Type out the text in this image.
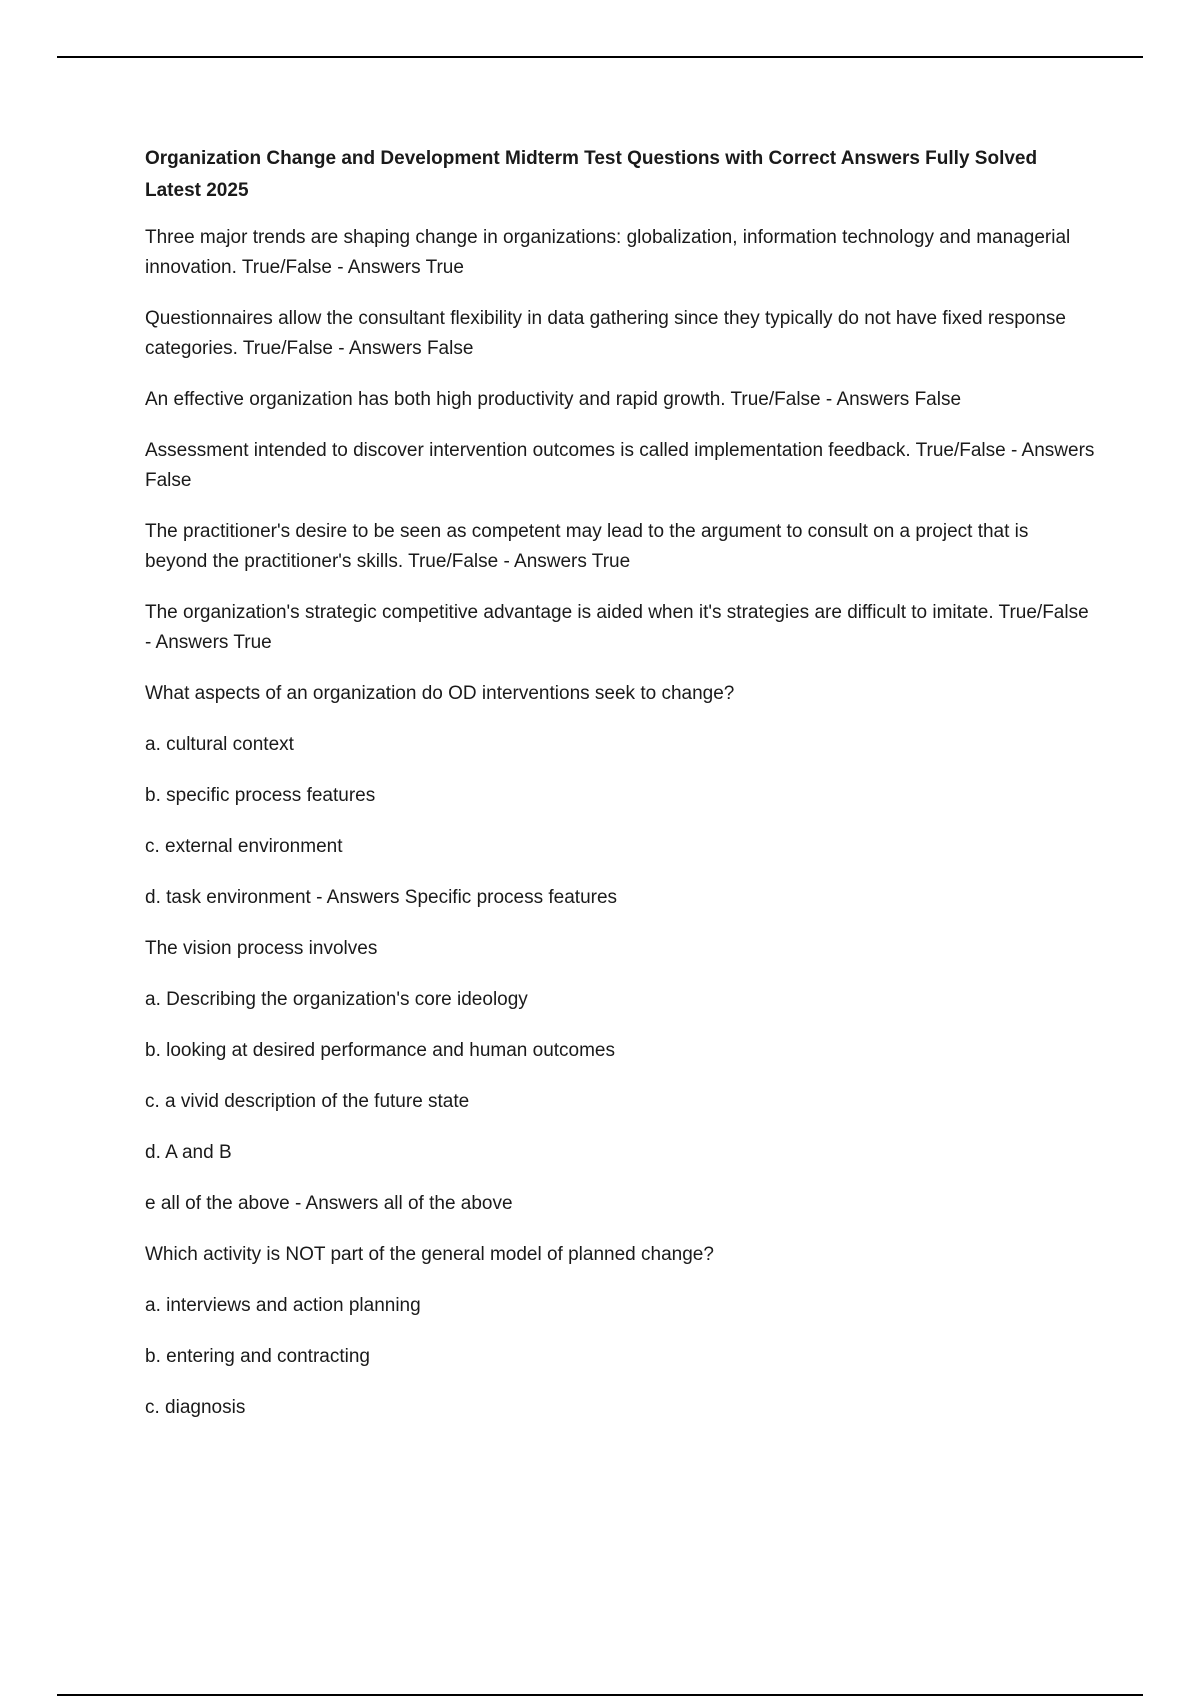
Organization Change and Development Midterm Test Questions with Correct Answers Fully Solved Latest 2025
Three major trends are shaping change in organizations: globalization, information technology and managerial innovation. True/False - Answers True
Questionnaires allow the consultant flexibility in data gathering since they typically do not have fixed response categories. True/False - Answers False
An effective organization has both high productivity and rapid growth. True/False - Answers False
Assessment intended to discover intervention outcomes is called implementation feedback. True/False - Answers False
The practitioner's desire to be seen as competent may lead to the argument to consult on a project that is beyond the practitioner's skills. True/False - Answers True
The organization's strategic competitive advantage is aided when it's strategies are difficult to imitate. True/False - Answers True
What aspects of an organization do OD interventions seek to change?
a. cultural context
b. specific process features
c. external environment
d. task environment - Answers Specific process features
The vision process involves
a. Describing the organization's core ideology
b. looking at desired performance and human outcomes
c. a vivid description of the future state
d. A and B
e all of the above - Answers all of the above
Which activity is NOT part of the general model of planned change?
a. interviews and action planning
b. entering and contracting
c. diagnosis
